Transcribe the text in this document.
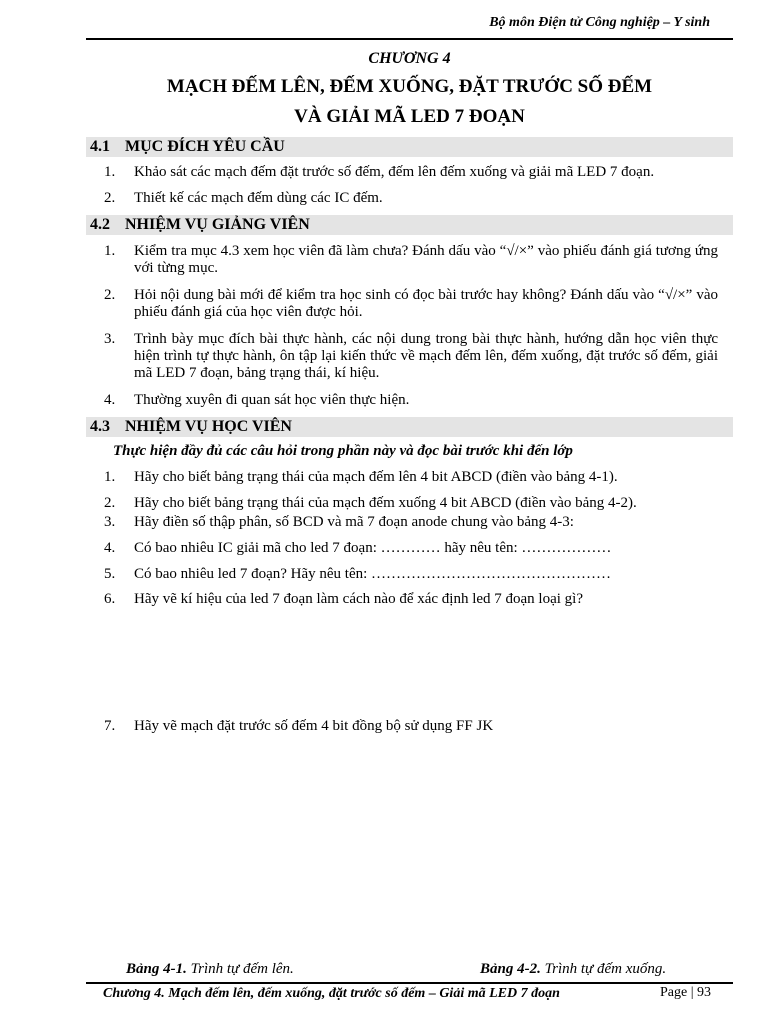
Bộ môn Điện tử Công nghiệp – Y sinh
CHƯƠNG 4
MẠCH ĐẾM LÊN, ĐẾM XUỐNG, ĐẶT TRƯỚC SỐ ĐẾM
VÀ GIẢI MÃ LED 7 ĐOẠN
4.1 MỤC ĐÍCH YÊU CẦU
1.	Khảo sát các mạch đếm đặt trước số đếm, đếm lên đếm xuống và giải mã LED 7 đoạn.
2.	Thiết kế các mạch đếm dùng các IC đếm.
4.2 NHIỆM VỤ GIẢNG VIÊN
1.	Kiểm tra mục 4.3 xem học viên đã làm chưa? Đánh dấu vào “√/×” vào phiếu đánh giá tương ứng với từng mục.
2.	Hỏi nội dung bài mới để kiểm tra học sinh có đọc bài trước hay không? Đánh dấu vào “√/×” vào phiếu đánh giá của học viên được hỏi.
3.	Trình bày mục đích bài thực hành, các nội dung trong bài thực hành, hướng dẫn học viên thực hiện trình tự thực hành, ôn tập lại kiến thức về mạch đếm lên, đếm xuống, đặt trước số đếm, giải mã LED 7 đoạn, bảng trạng thái, kí hiệu.
4.	Thường xuyên đi quan sát học viên thực hiện.
4.3 NHIỆM VỤ HỌC VIÊN
Thực hiện đầy đủ các câu hỏi trong phần này và đọc bài trước khi đến lớp
1.	Hãy cho biết bảng trạng thái của mạch đếm lên 4 bit ABCD (điền vào bảng 4-1).
2.	Hãy cho biết bảng trạng thái của mạch đếm xuống 4 bit ABCD (điền vào bảng 4-2).
3.	Hãy điền số thập phân, số BCD và mã 7 đoạn anode chung vào bảng 4-3:
4.	Có bao nhiêu IC giải mã cho led 7 đoạn: ………… hãy nêu tên: ………………
5.	Có bao nhiêu led 7 đoạn? Hãy nêu tên: …………………………………………
6.	Hãy vẽ kí hiệu của led 7 đoạn làm cách nào để xác định led 7 đoạn loại gì?
7.	Hãy vẽ mạch đặt trước số đếm 4 bit đồng bộ sử dụng FF JK
Bảng 4-1. Trình tự đếm lên.	Bảng 4-2. Trình tự đếm xuống.
Chương 4. Mạch đếm lên, đếm xuống, đặt trước số đếm – Giải mã LED 7 đoạn	Page | 93
